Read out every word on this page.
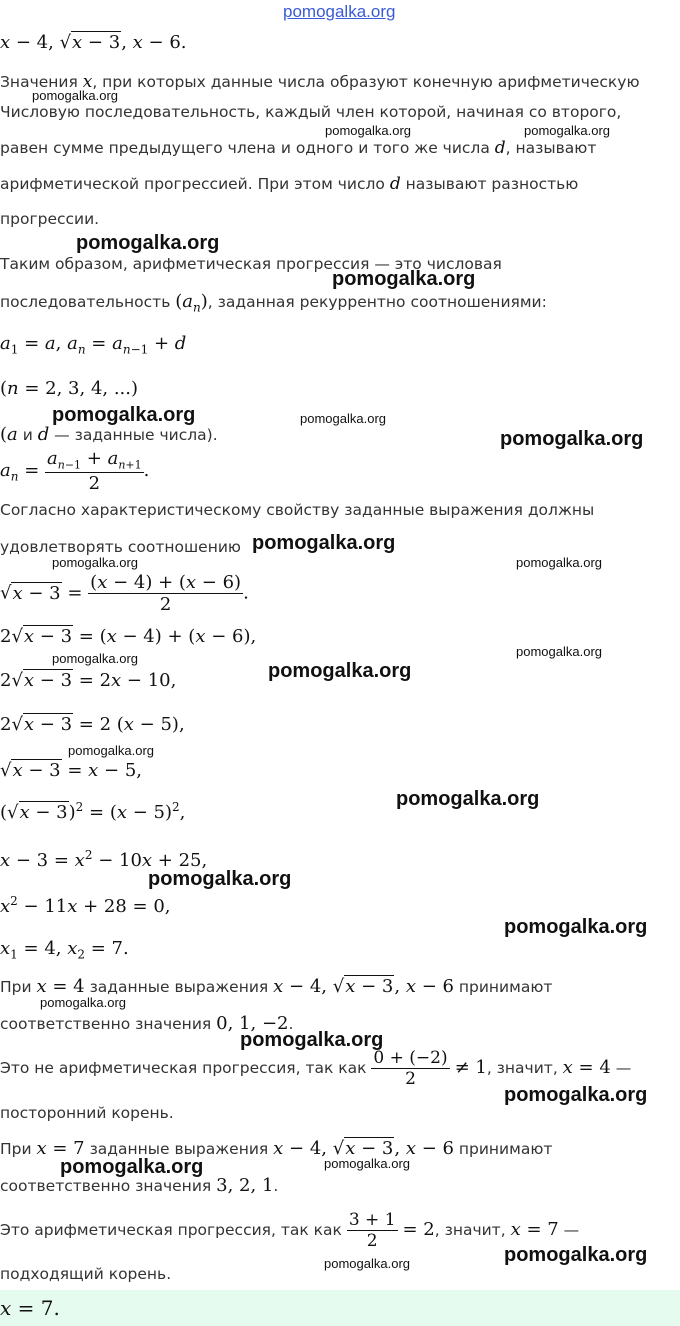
pomogalka.org
x − 4, √x − 3, x − 6.
Значения x, при которых данные числа образуют конечную арифметическую
Числовую последовательность, каждый член которой, начиная со второго,
равен сумме предыдущего члена и одного и того же числа d, называют
арифметической прогрессией. При этом число d называют разностью
прогрессии.
Таким образом, арифметическая прогрессия — это числовая
последовательность $(a_n)$, заданная рекуррентно соотношениями:
$a_1 = a$, $a_n = a_{n-1} + d$
(n = 2, 3, 4, ...)
(a и d — заданные числа).
$a_n = \frac{a_{n-1} + a_{n+1}}{2}$ .
Согласно характеристическому свойству заданные выражения должны
удовлетворять соотношению
$√x - 3 = \frac{(x - 4) + (x - 6)}{2}$ .
2√x − 3 = (x − 4) + (x − 6),
2√x − 3 = 2x − 10,
2√x − 3 = 2 (x − 5),
√x − 3 = x − 5,
$(√x - 3)^2 = (x - 5)^2$,
$x - 3 = x^2 - 10x + 25$,
$x^2 - 11x + 28 = 0$,
$x_1 = 4$, $x_2 = 7$.
При x = 4 заданные выражения x − 4, √x − 3, x − 6 принимают
соответственно значения 0, 1, −2.
Это не арифметическая прогрессия, так как $\frac{0 + (-2)}{2} \ne 1$, значит, x = 4 —
посторонний корень.
При x = 7 заданные выражения x − 4, √x − 3, x − 6 принимают
соответственно значения 3, 2, 1.
Это арифметическая прогрессия, так как $\frac{3 + 1}{2} = 2$, значит, x = 7 —
подходящий корень.
x = 7.
pomogalka.org
pomogalka.org	pomogalka.org
pomogalka.org
pomogalka.org
pomogalka.org	pomogalka.org
pomogalka.org
pomogalka.org
pomogalka.org	pomogalka.org
pomogalka.org
pomogalka.org
pomogalka.org
pomogalka.org
pomogalka.org
pomogalka.org
pomogalka.org
pomogalka.org
pomogalka.org
pomogalka.org
pomogalka.org
pomogalka.org
pomogalka.org
pomogalka.org
